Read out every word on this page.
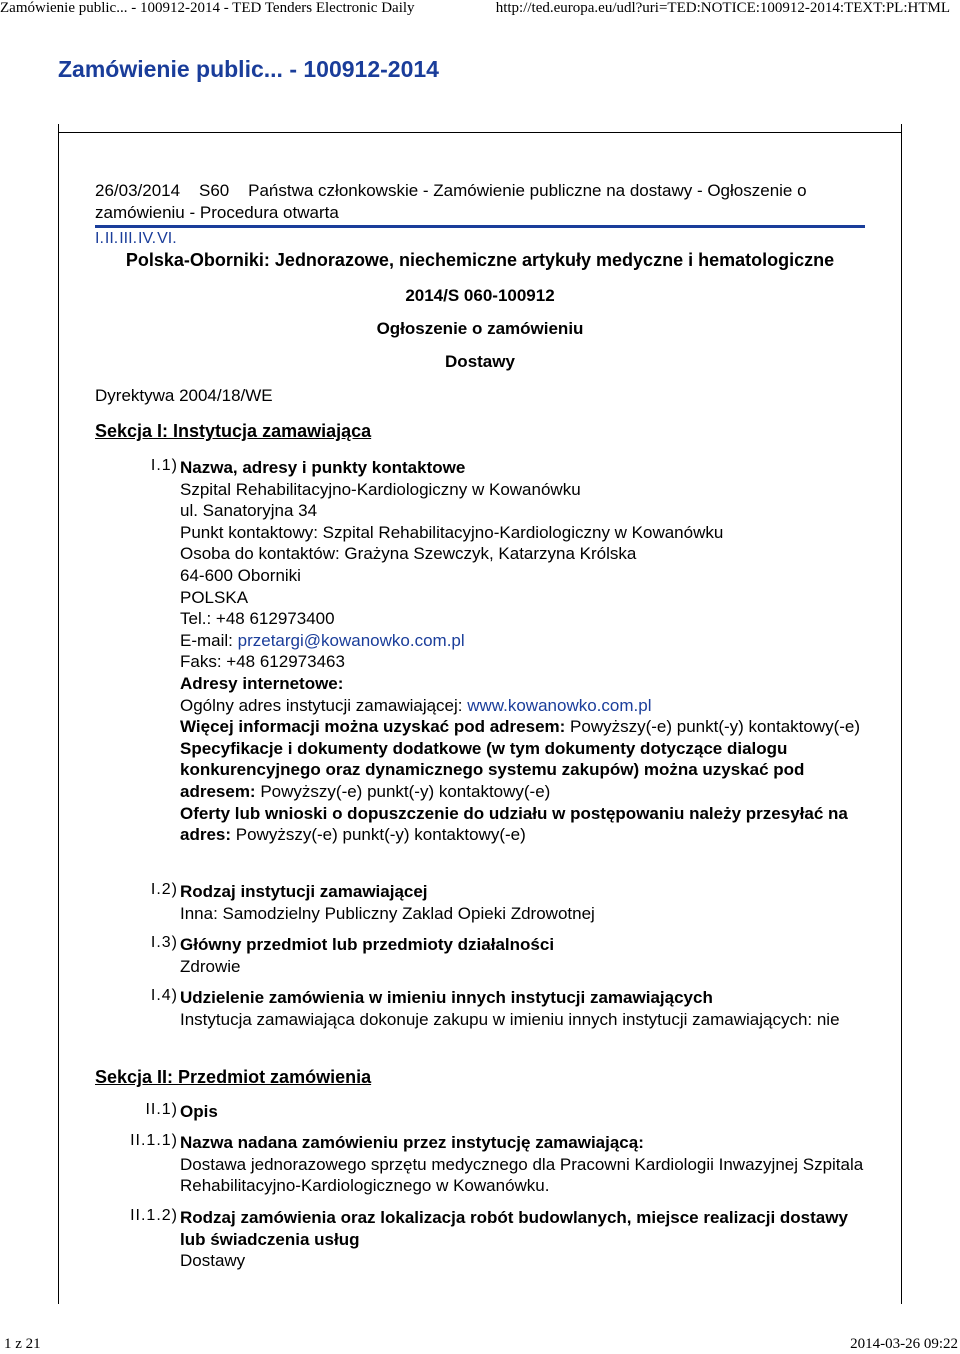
Zamówienie public... - 100912-2014 - TED Tenders Electronic Daily	http://ted.europa.eu/udl?uri=TED:NOTICE:100912-2014:TEXT:PL:HTML
Zamówienie public... - 100912-2014
26/03/2014    S60    Państwa członkowskie - Zamówienie publiczne na dostawy - Ogłoszenie o zamówieniu - Procedura otwarta
I.II.III.IV.VI.
Polska-Oborniki: Jednorazowe, niechemiczne artykuły medyczne i hematologiczne
2014/S 060-100912
Ogłoszenie o zamówieniu
Dostawy
Dyrektywa 2004/18/WE
Sekcja I: Instytucja zamawiająca
I.1) Nazwa, adresy i punkty kontaktowe
Szpital Rehabilitacyjno-Kardiologiczny w Kowanówku
ul. Sanatoryjna 34
Punkt kontaktowy: Szpital Rehabilitacyjno-Kardiologiczny w Kowanówku
Osoba do kontaktów: Grażyna Szewczyk, Katarzyna Królska
64-600 Oborniki
POLSKA
Tel.: +48 612973400
E-mail: przetargi@kowanowko.com.pl
Faks: +48 612973463
Adresy internetowe:
Ogólny adres instytucji zamawiającej: www.kowanowko.com.pl
Więcej informacji można uzyskać pod adresem: Powyższy(-e) punkt(-y) kontaktowy(-e)
Specyfikacje i dokumenty dodatkowe (w tym dokumenty dotyczące dialogu konkurencyjnego oraz dynamicznego systemu zakupów) można uzyskać pod adresem: Powyższy(-e) punkt(-y) kontaktowy(-e)
Oferty lub wnioski o dopuszczenie do udziału w postępowaniu należy przesyłać na adres: Powyższy(-e) punkt(-y) kontaktowy(-e)
I.2) Rodzaj instytucji zamawiającej
Inna: Samodzielny Publiczny Zaklad Opieki Zdrowotnej
I.3) Główny przedmiot lub przedmioty działalności
Zdrowie
I.4) Udzielenie zamówienia w imieniu innych instytucji zamawiających
Instytucja zamawiająca dokonuje zakupu w imieniu innych instytucji zamawiających: nie
Sekcja II: Przedmiot zamówienia
II.1) Opis
II.1.1) Nazwa nadana zamówieniu przez instytucję zamawiającą:
Dostawa jednorazowego sprzętu medycznego dla Pracowni Kardiologii Inwazyjnej Szpitala Rehabilitacyjno-Kardiologicznego w Kowanówku.
II.1.2) Rodzaj zamówienia oraz lokalizacja robót budowlanych, miejsce realizacji dostawy lub świadczenia usług
Dostawy
1 z 21	2014-03-26 09:22
